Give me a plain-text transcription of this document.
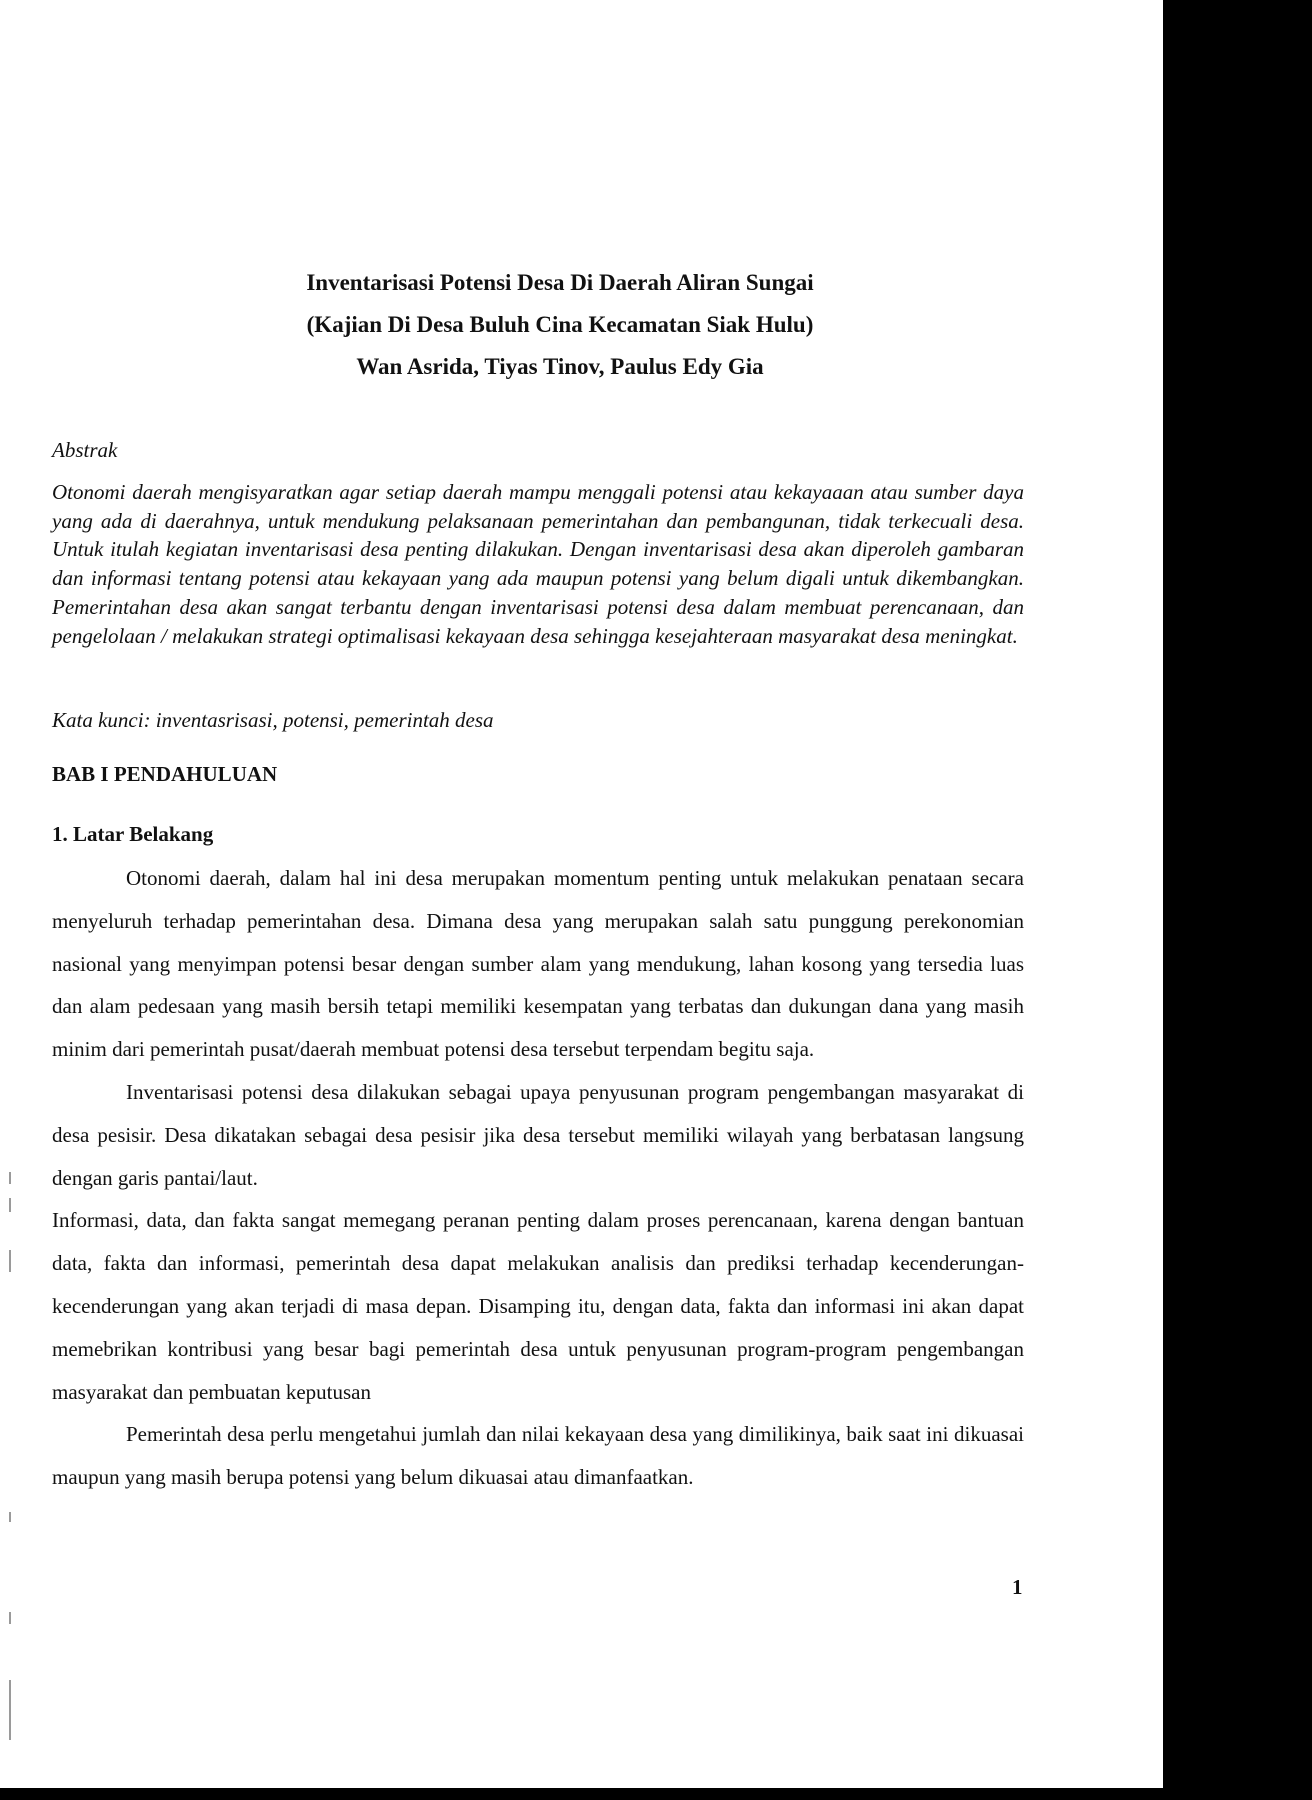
Inventarisasi Potensi Desa Di Daerah Aliran Sungai
(Kajian Di Desa Buluh Cina Kecamatan Siak Hulu)
Wan Asrida, Tiyas Tinov, Paulus Edy Gia
Abstrak
Otonomi daerah mengisyaratkan agar setiap daerah mampu menggali potensi atau kekayaaan atau sumber daya yang ada di daerahnya, untuk mendukung pelaksanaan pemerintahan dan pembangunan, tidak terkecuali desa. Untuk itulah kegiatan inventarisasi desa penting dilakukan. Dengan inventarisasi desa akan diperoleh gambaran dan informasi tentang potensi atau kekayaan yang ada maupun potensi yang belum digali untuk dikembangkan. Pemerintahan desa akan sangat terbantu dengan inventarisasi potensi desa dalam membuat perencanaan, dan pengelolaan / melakukan strategi optimalisasi kekayaan desa sehingga kesejahteraan masyarakat desa meningkat.
Kata kunci: inventasrisasi, potensi, pemerintah desa
BAB I PENDAHULUAN
1. Latar Belakang

Otonomi daerah, dalam hal ini desa merupakan momentum penting untuk melakukan penataan secara menyeluruh terhadap pemerintahan desa. Dimana desa yang merupakan salah satu punggung perekonomian nasional yang menyimpan potensi besar dengan sumber alam yang mendukung, lahan kosong yang tersedia luas dan alam pedesaan yang masih bersih tetapi memiliki kesempatan yang terbatas dan dukungan dana yang masih minim dari pemerintah pusat/daerah membuat potensi desa tersebut terpendam begitu saja.

Inventarisasi potensi desa dilakukan sebagai upaya penyusunan program pengembangan masyarakat di desa pesisir. Desa dikatakan sebagai desa pesisir jika desa tersebut memiliki wilayah yang berbatasan langsung dengan garis pantai/laut.

Informasi, data, dan fakta sangat memegang peranan penting dalam proses perencanaan, karena dengan bantuan data, fakta dan informasi, pemerintah desa dapat melakukan analisis dan prediksi terhadap kecenderungan-kecenderungan yang akan terjadi di masa depan. Disamping itu, dengan data, fakta dan informasi ini akan dapat memebrikan kontribusi yang besar bagi pemerintah desa untuk penyusunan program-program pengembangan masyarakat dan pembuatan keputusan

Pemerintah desa perlu mengetahui jumlah dan nilai kekayaan desa yang dimilikinya, baik saat ini dikuasai maupun yang masih berupa potensi yang belum dikuasai atau dimanfaatkan.

1
